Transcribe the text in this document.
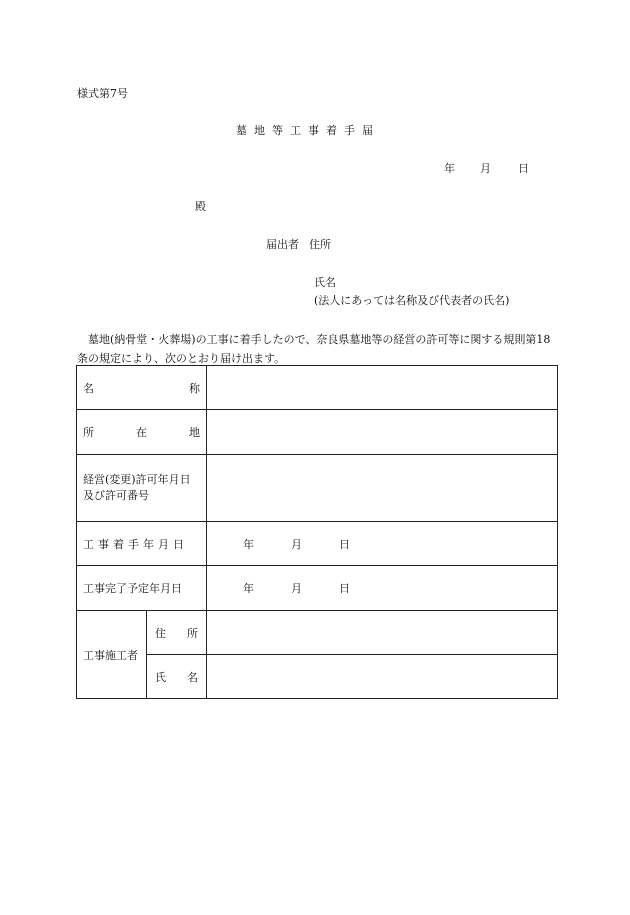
様式第7号
墓地等工事着手届
年 月 日
殿
届出者 住所
氏名
(法人にあっては名称及び代表者の氏名)
墓地(納骨堂・火葬場)の工事に着手したので、奈良県墓地等の経営の許可等に関する規則第18条の規定により、次のとおり届け出ます。
名 称		

所 在 地		

経営(変更)許可年月日
及び許可番号		

工事着手年月日		年 月 日
工事完了予定年月日		年 月 日
工事施工者	住 所	

	氏 名	
